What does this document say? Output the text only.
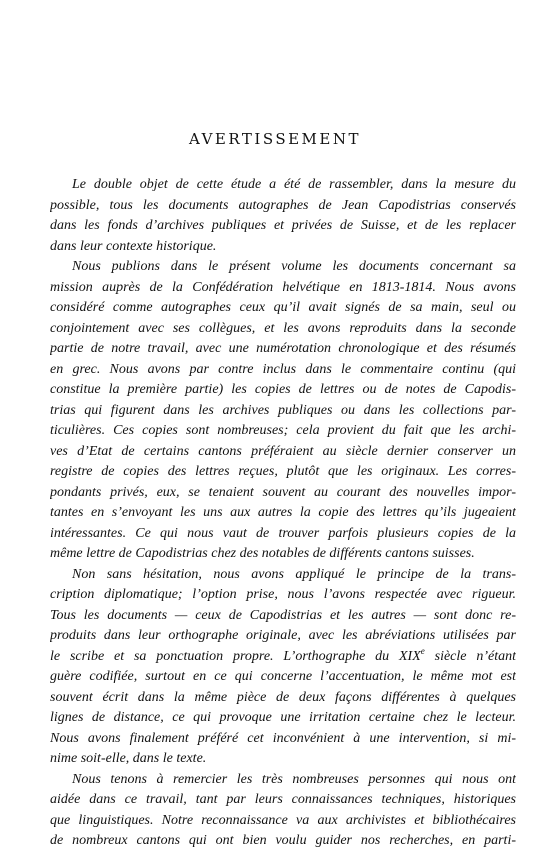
AVERTISSEMENT

Le double objet de cette étude a été de rassembler, dans la mesure du
possible, tous les documents autographes de Jean Capodistrias conservés
dans les fonds d’archives publiques et privées de Suisse, et de les replacer
dans leur contexte historique.

Nous publions dans le présent volume les documents concernant sa
mission auprès de la Confédération helvétique en 1813-1814. Nous avons
considéré comme autographes ceux qu’il avait signés de sa main, seul ou
conjointement avec ses collègues, et les avons reproduits dans la seconde
partie de notre travail, avec une numérotation chronologique et des résumés
en grec. Nous avons par contre inclus dans le commentaire continu (qui
constitue la première partie) les copies de lettres ou de notes de Capodis-
trias qui figurent dans les archives publiques ou dans les collections par-
ticulières. Ces copies sont nombreuses; cela provient du fait que les archi-
ves d’Etat de certains cantons préféraient au siècle dernier conserver un
registre de copies des lettres reçues, plutôt que les originaux. Les corres-
pondants privés, eux, se tenaient souvent au courant des nouvelles impor-
tantes en s’envoyant les uns aux autres la copie des lettres qu’ils jugeaient
intéressantes. Ce qui nous vaut de trouver parfois plusieurs copies de la
même lettre de Capodistrias chez des notables de différents cantons suisses.

Non sans hésitation, nous avons appliqué le principe de la trans-
cription diplomatique; l’option prise, nous l’avons respectée avec rigueur.
Tous les documents — ceux de Capodistrias et les autres — sont donc re-
produits dans leur orthographe originale, avec les abréviations utilisées par
le scribe et sa ponctuation propre. L’orthographe du XIXe siècle n’étant
guère codifiée, surtout en ce qui concerne l’accentuation, le même mot est
souvent écrit dans la même pièce de deux façons différentes à quelques
lignes de distance, ce qui provoque une irritation certaine chez le lecteur.
Nous avons finalement préféré cet inconvénient à une intervention, si mi-
nime soit-elle, dans le texte.

Nous tenons à remercier les très nombreuses personnes qui nous ont
aidée dans ce travail, tant par leurs connaissances techniques, historiques
que linguistiques. Notre reconnaissance va aux archivistes et bibliothécaires
de nombreux cantons qui ont bien voulu guider nos recherches, en parti-
